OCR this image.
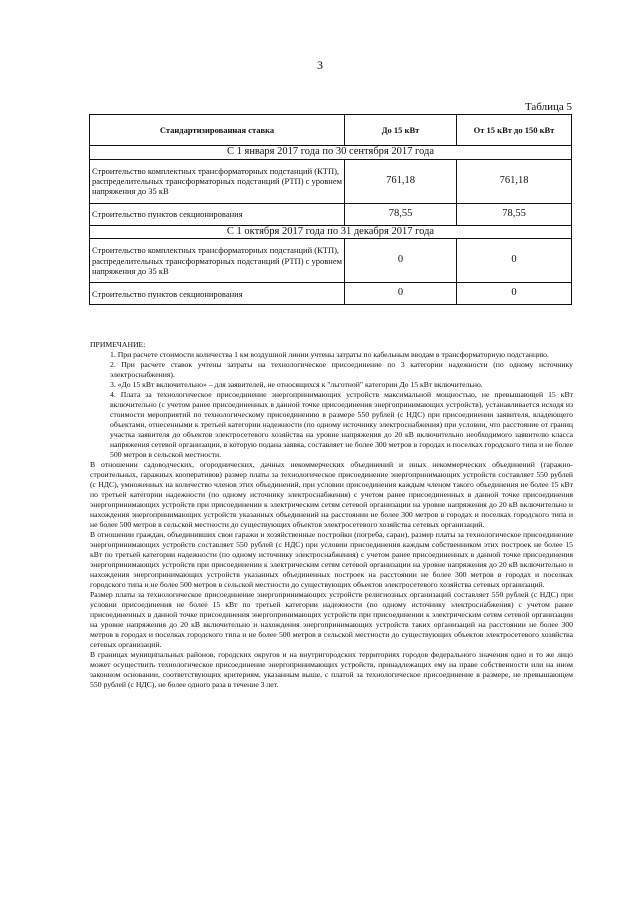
3
Таблица 5
Стандартизированная ставка	До 15 кВт	От 15 кВт до 150 кВт
С 1 января 2017 года по 30 сентября 2017 года		
Строительство комплектных трансформаторных подстанций (КТП), распределительных трансформаторных подстанций (РТП) с уровнем напряжения до 35 кВ	761,18	761,18
Строительство пунктов секционирования	78,55	78,55
С 1 октября 2017 года по 31 декабря 2017 года		
Строительство комплектных трансформаторных подстанций (КТП), распределительных трансформаторных подстанций (РТП) с уровнем напряжения до 35 кВ	0	0
Строительство пунктов секционирования	0	0

ПРИМЕЧАНИЕ:

1. При расчете стоимости количества 1 км воздушной линии учтены затраты по кабельным вводам в трансформаторную подстанцию.

2. При расчете ставок учтены затраты на технологическое присоединение по 3 категории надежности (по одному источнику электроснабжения).

3. «До 15 кВт включительно» – для заявителей, не относящихся к "льготной" категории До 15 кВт включительно.

4. Плата за технологическое присоединение энергопринимающих устройств максимальной мощностью, не превышающей 15 кВт включительно (с учетом ранее присоединенных в данной точке присоединения энергопринимающих устройств), устанавливается исходя из стоимости мероприятий по технологическому присоединению в размере 550 рублей (с НДС) при присоединении заявителя, владеющего объектами, отнесенными к третьей категории надежности (по одному источнику электроснабжения) при условии, что расстояние от границ участка заявителя до объектов электросетевого хозяйства на уровне напряжения до 20 кВ включительно необходимого заявителю класса напряжения сетевой организации, в которую подана заявка, составляет не более 300 метров в городах и поселках городского типа и не более 500 метров в сельской местности.

В отношении садоводческих, огороднических, дачных некоммерческих объединений и иных некоммерческих объединений (гаражно-строительных, гаражных кооперативов) размер платы за технологическое присоединение энергопринимающих устройств составляет 550 рублей (с НДС), умноженных на количество членов этих объединений, при условии присоединения каждым членом такого объединения не более 15 кВт по третьей категории надежности (по одному источнику электроснабжения) с учетом ранее присоединенных в данной точке присоединения энергопринимающих устройств при присоединении к электрическим сетям сетевой организации на уровне напряжения до 20 кВ включительно и нахождения энергопринимающих устройств указанных объединений на расстоянии не более 300 метров в городах и поселках городского типа и не более 500 метров в сельской местности до существующих объектов электросетевого хозяйства сетевых организаций.

В отношении граждан, объединивших свои гаражи и хозяйственные постройки (погреба, сараи), размер платы за технологическое присоединение энергопринимающих устройств составляет 550 рублей (с НДС) при условии присоединения каждым собственником этих построек не более 15 кВт по третьей категории надежности (по одному источнику электроснабжения) с учетом ранее присоединенных в данной точке присоединения энергопринимающих устройств при присоединении к электрическим сетям сетевой организации на уровне напряжения до 20 кВ включительно и нахождения энергопринимающих устройств указанных объединенных построек на расстоянии не более 300 метров в городах и поселках городского типа и не более 500 метров в сельской местности до существующих объектов электросетевого хозяйства сетевых организаций.

Размер платы за технологическое присоединение энергопринимающих устройств религиозных организаций составляет 550 рублей (с НДС) при условии присоединения не более 15 кВт по третьей категории надежности (по одному источнику электроснабжения) с учетом ранее присоединенных в данной точке присоединения энергопринимающих устройств при присоединении к электрическим сетям сетевой организации на уровне напряжения до 20 кВ включительно и нахождения энергопринимающих устройств таких организаций на расстоянии не более 300 метров в городах и поселках городского типа и не более 500 метров в сельской местности до существующих объектов электросетевого хозяйства сетевых организаций.

В границах муниципальных районов, городских округов и на внутригородских территориях городов федерального значения одно и то же лицо может осуществить технологическое присоединение энергопринимающих устройств, принадлежащих ему на праве собственности или на ином законном основании, соответствующих критериям, указанным выше, с платой за технологическое присоединение в размере, не превышающем 550 рублей (с НДС), не более одного раза в течение 3 лет.
